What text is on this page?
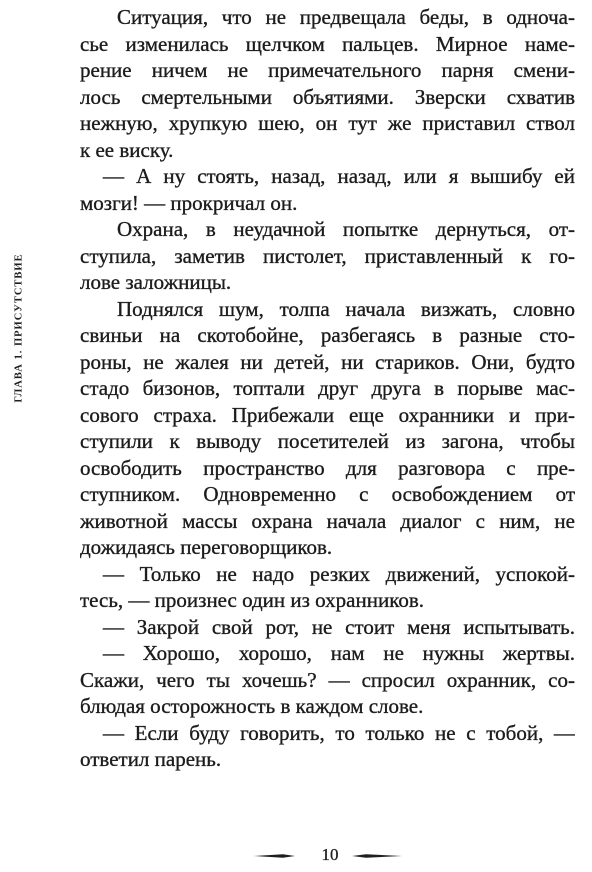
ГЛАВА 1. ПРИСУТСТВИЕ
Ситуация, что не предвещала беды, в одноча-
сье изменилась щелчком пальцев. Мирное наме-
рение ничем не примечательного парня смени-
лось смертельными объятиями. Зверски схватив
нежную, хрупкую шею, он тут же приставил ствол
к ее виску.
— А ну стоять, назад, назад, или я вышибу ей
мозги! — прокричал он.
Охрана, в неудачной попытке дернуться, от-
ступила, заметив пистолет, приставленный к го-
лове заложницы.
Поднялся шум, толпа начала визжать, словно
свиньи на скотобойне, разбегаясь в разные сто-
роны, не жалея ни детей, ни стариков. Они, будто
стадо бизонов, топтали друг друга в порыве мас-
сового страха. Прибежали еще охранники и при-
ступили к выводу посетителей из загона, чтобы
освободить пространство для разговора с пре-
ступником. Одновременно с освобождением от
животной массы охрана начала диалог с ним, не
дожидаясь переговорщиков.
— Только не надо резких движений, успокой-
тесь, — произнес один из охранников.
— Закрой свой рот, не стоит меня испытывать.
— Хорошо, хорошо, нам не нужны жертвы.
Скажи, чего ты хочешь? — спросил охранник, со-
блюдая осторожность в каждом слове.
— Если буду говорить, то только не с тобой, —
ответил парень.
10
